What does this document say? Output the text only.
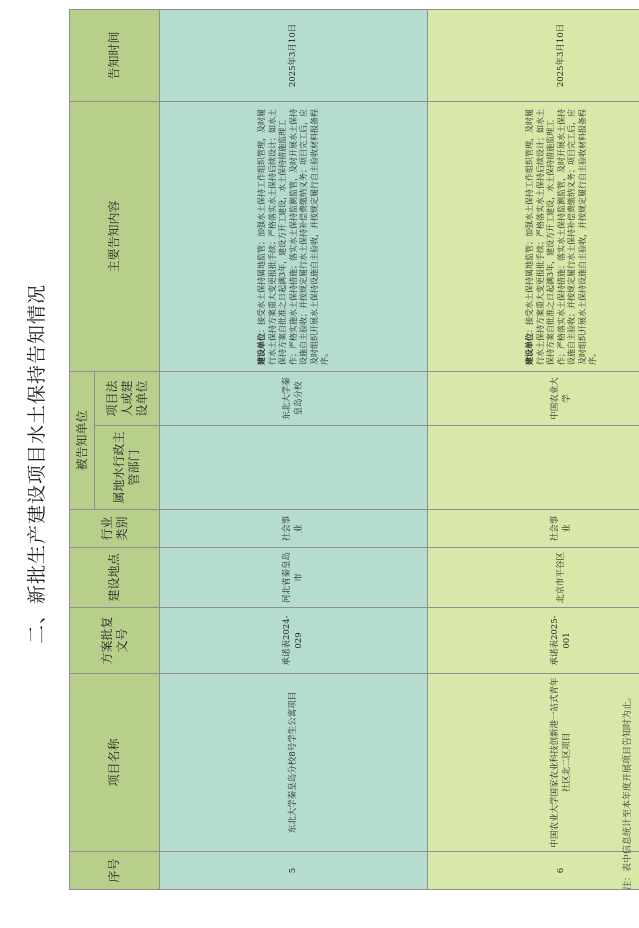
二、新批生产建设项目水土保持告知情况
序号	项目名称	方案批复文号	建设地点	行业类别	被告知单位		主要告知内容	告知时间
					属地水行政主管部门	项目法人或建设单位		
5	东北大学秦皇岛分校8号学生公寓项目	承诺表2024-029	河北省秦皇岛市	社会事业		东北大学秦皇岛分校	建设单位：接受水土保持属地监管；加强水土保持工作组织管理，及时履行水土保持方案重大变更报批手续；严格落实水土保持后续设计；如水土保持方案自批准之日起满3年，建设方开工建设，水土保持措施监理工作；严格实施水土保持措施；落实水土保持监测监管，及时开展水土保持设施自主验收；并按规定履行水土保持补偿费缴纳义务；项目完工后，应及时组织开展水土保持设施自主验收，并按规定履行自主验收材料报备程序。	2025年3月10日
6	中国农业大学国家农业科技创新港一站式青年社区北二区项目	承诺表2025-001	北京市平谷区	社会事业		中国农业大学	建设单位：接受水土保持属地监管；加强水土保持工作组织管理，及时履行水土保持方案重大变更报批手续；严格落实水土保持后续设计；如水土保持方案自批准之日起满3年，建设方开工建设，水土保持措施监理工作；严格落实水土保持措施；落实水土保持监测监管，及时开展水土保持设施自主验收；并按规定履行水土保持补偿费缴纳义务；项目完工后，应及时组织开展水土保持设施自主验收，并按规定履行自主验收材料报备程序。	2025年3月10日
注：表中信息统计至本年度开展项目告知时为止。
